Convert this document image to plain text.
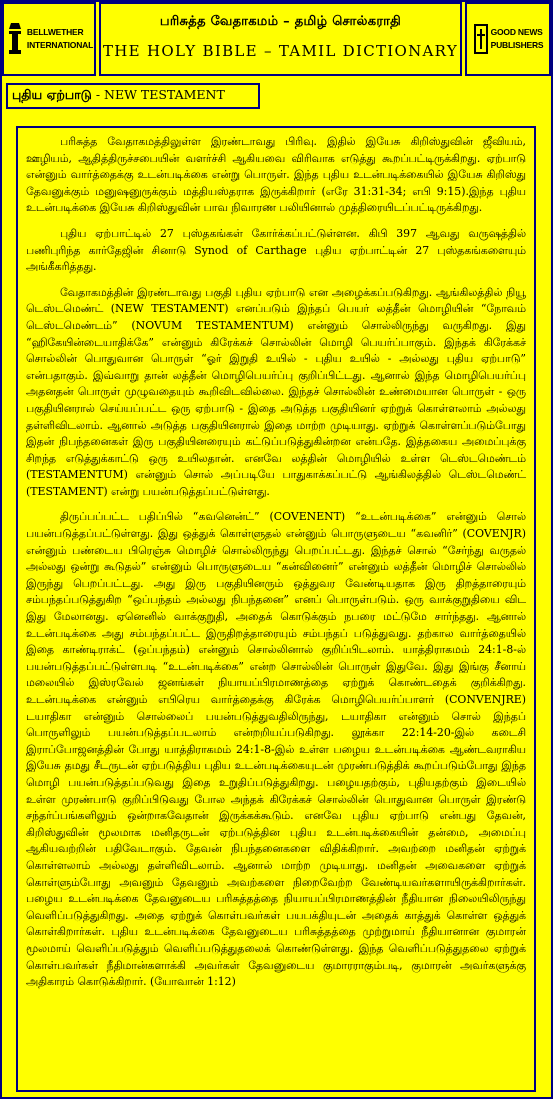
BELLWETHER
INTERNATIONAL
பரிசுத்த வேதாகமம் – தமிழ் சொல்கராதி
THE HOLY BIBLE – TAMIL DICTIONARY
GOOD NEWS
PUBLISHERS
புதிய ஏற்பாடு - NEW TESTAMENT

பரிசுத்த வேதாகமத்திலுள்ள இரண்டாவது பிரிவு. இதில் இயேசு கிறிஸ்துவின் ஜீவியம், ஊழியம், ஆதித்திருச்சபையின் வளர்ச்சி ஆகியவை விரிவாக எடுத்து கூறப்பட்டிருக்கிறது. ஏற்பாடு என்னும் வார்த்தைக்கு உடன்படிக்கை என்று பொருள். இந்த புதிய உடன்படிக்கையில் இயேசு கிறிஸ்து தேவனுக்கும் மனுஷனுருக்கும் மத்தியஸ்தராக இருக்கிறார் (எரே 31:31-34; எபி 9:15).இந்த புதிய உடன்படிக்கை இயேசு கிறிஸ்துவின் பாவ நிவாரண பலியினால் முத்திரையிடப்பட்டிருக்கிறது.

புதிய ஏற்பாட்டில் 27 புஸ்தகங்கள் கோர்க்கப்பட்டுள்ளன. கிபி 397 ஆவது வருஷத்தில் பணிபுரிந்த கார்தேஜின் சினாடு Synod of Carthage புதிய ஏற்பாட்டின் 27 புஸ்தகங்களையும் அங்கீகரித்தது.

வேதாகமத்தின் இரண்டாவது பகுதி புதிய ஏற்பாடு என அழைக்கப்படுகிறது. ஆங்கிலத்தில் நியூ டெஸ்டமெண்ட் (NEW TESTAMENT) எனப்படும் இந்தப் பெயர் லத்தீன் மொழியின் “நோவம் டெஸ்டமெண்டம்” (NOVUM TESTAMENTUM) என்னும் சொல்லிருந்து வருகிறது. இது “ஹிகேயின்டையாதிக்கே” என்னும் கிரேக்கச் சொல்லின் மொழி பெயர்ப்பாகும். இந்தக் கிரேக்கச் சொல்லின் பொதுவான பொருள் “ஓர் இறுதி உயில் - புதிய உயில் - அல்லது புதிய ஏற்பாடு” என்பதாகும். இவ்வாறு தான் லத்தீன் மொழிபெயர்ப்பு குறிப்பிட்டது. ஆனால் இந்த மொழிபெயர்ப்பு அதனதன் பொருள் முழுவதையும் கூறிவிடவில்லை. இந்தச் சொல்லின் உண்மையான பொருள் - ஒரு பகுதியினரால் செய்யப்பட்ட ஒரு ஏற்பாடு - இதை அடுத்த பகுதியினர் ஏற்றுக் கொள்ளலாம் அல்லது தள்ளிவிடலாம். ஆனால் அடுத்த பகுதியினரால் இதை மாற்ற முடியாது. ஏற்றுக் கொள்ளப்படும்போது இதன் நிபந்தனைகள் இரு பகுதியினரையும் கட்டுப்படுத்துகின்றன என்பதே. இத்தகைய அமைப்புக்கு சிறந்த எடுத்துக்காட்டு ஒரு உயிலதான். எனவே லத்தின் மொழியில் உள்ள டெஸ்டமெண்டம் (TESTAMENTUM) என்னும் சொல் அப்படியே பாதுகாக்கப்பட்டு ஆங்கிலத்தில் டெஸ்டமெண்ட் (TESTAMENT) என்று பயன்படுத்தப்பட்டுள்ளது.

திருப்பப்பட்ட பதிப்பில் “கவனென்ட்” (COVENENT) “உடன்படிக்கை” என்னும் சொல் பயன்படுத்தப்பட்டுள்ளது. இது ஒத்துக் கொள்ளுதல் என்னும் பொருளுடைய “கவனிர்” (COVENJR) என்னும் பண்டைய பிரெஞ்சு மொழிச் சொல்லிருந்து பெறப்பட்டது. இந்தச் சொல் “சேர்ந்து வருதல் அல்லது ஒன்று கூடுதல்” என்னும் பொருளுடைய “கன்வினைர்” என்னும் லத்தீன் மொழிச் சொல்லில் இருந்து பெறப்பட்டது. அது இரு பகுதியினரும் ஒத்துவர வேண்டியதாக இரு திறத்தாரையும் சம்பந்தப்படுத்துகிற “ஒப்பந்தம் அல்லது நிபந்தனை” எனப் பொருள்படும். ஒரு வாக்குறுதியை விட இது மேலானது. ஏனெனில் வாக்குறுதி, அதைக் கொடுக்கும் நபரை மட்டுமே சார்ந்தது. ஆனால் உடன்படிக்கை அது சம்பந்தப்பட்ட இருதிறத்தாரையும் சம்பந்தப் படுத்துவது. தற்கால வார்த்தையில் இதை காண்டிராக்ட் (ஒப்பந்தம்) என்னும் சொல்லினால் குறிப்பிடலாம். யாத்திராகமம் 24:1-8-ல் பயன்படுத்தப்பட்டுள்ளபடி “உடன்படிக்கை” என்ற சொல்லின் பொருள் இதுவே. இது இங்கு சீனாய் மலையில் இஸ்ரவேல் ஜனங்கள் நியாயப்பிரமாணத்தை ஏற்றுக் கொண்டதைக் குறிக்கிறது. உடன்படிக்கை என்னும் எபிரெய வார்த்தைக்கு கிரேக்க மொழிபெயர்ப்பாளர் (CONVENJRE) டயாதிகா என்னும் சொல்லைப் பயன்படுத்துவதிலிருந்து, டயாதிகா என்னும் சொல் இந்தப் பொருளிலும் பயன்படுத்தப்படலாம் என்றறியப்படுகிறது. லூக்கா 22:14-20-இல் கடைசி இராப்போஜனத்தின் போது யாத்திராகமம் 24:1-8-இல் உள்ள பழைய உடன்படிக்கை ஆண்டவராகிய இயேசு தமது சீடருடன் ஏற்படுத்திய புதிய உடன்படிக்கையுடன் முரண்படுத்திக் கூறப்படும்போது இந்த மொழி பயன்படுத்தப்படுவது இதை உறுதிப்படுத்துகிறது. பழையதற்கும், புதியதற்கும் இடையில் உள்ள முரண்பாடு குறிப்பிடுவது போல அந்தக் கிரேக்கச் சொல்லின் பொதுவான பொருள் இரண்டு சந்தர்ப்பங்களிலும் ஒன்றாகவேதான் இருக்கக்கூடும். எனவே புதிய ஏற்பாடு என்பது தேவன், கிறிஸ்துவின் மூலமாக மனிதருடன் ஏற்படுத்தின புதிய உடன்படிக்கையின் தன்மை, அமைப்பு ஆகியவற்றின் பதிவேடாகும். தேவன் நிபந்தனைகளை விதிக்கிறார். அவற்றை மனிதன் ஏற்றுக் கொள்ளலாம் அல்லது தள்ளிவிடலாம். ஆனால் மாற்ற முடியாது. மனிதன் அவைகளை ஏற்றுக் கொள்ளும்போது அவனும் தேவனும் அவற்களை நிறைவேற்ற வேண்டியவர்களாயிருக்கிறார்கள். பழைய உடன்படிக்கை தேவனுடைய பரிசுத்தத்தை நியாயப்பிரமாணத்தின் நீதியான நிலையிலிருந்து வெளிப்படுத்துகிறது. அதை ஏற்றுக் கொள்பவர்கள் பயபக்தியுடன் அதைக் காத்துக் கொள்ள ஒத்துக் கொள்கிறார்கள். புதிய உடன்படிக்கை தேவனுடைய பரிசுத்தத்தை முற்றுமாய் நீதியானான குமாரன் மூலமாய் வெளிப்படுத்தும் வெளிப்படுத்துதலைக் கொண்டுள்ளது. இந்த வெளிப்படுத்துதலை ஏற்றுக் கொள்பவர்கள் நீதிமான்களாக்கி அவர்கள் தேவனுடைய குமாரராகும்படி, குமாரன் அவர்களுக்கு அதிகாரம் கொடுக்கிறார். (யோவான் 1:12)
